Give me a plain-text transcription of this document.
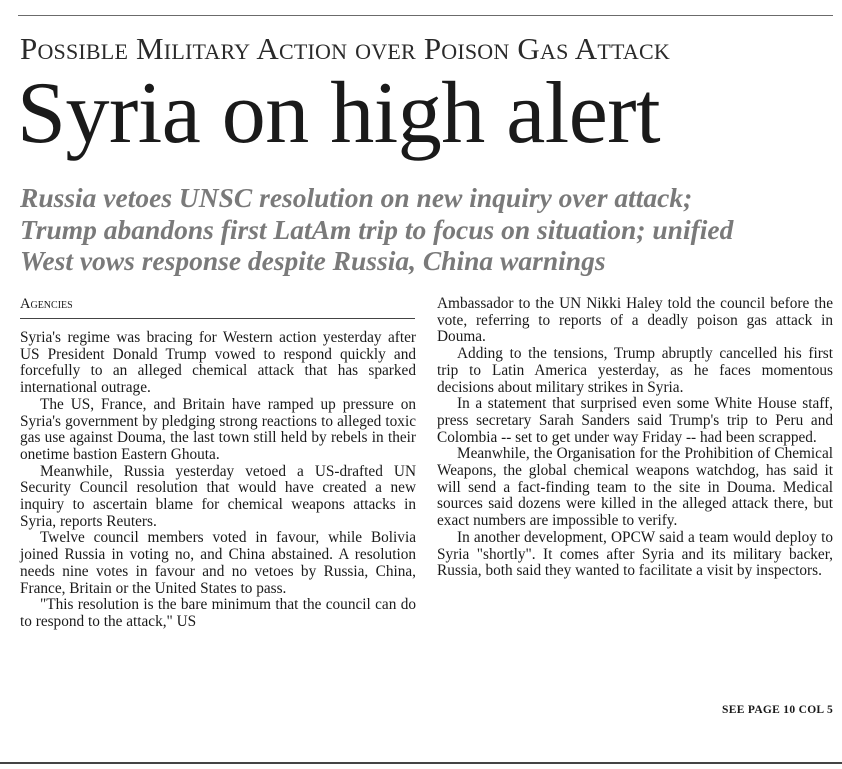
Possible Military Action over Poison Gas Attack
Syria on high alert
Russia vetoes UNSC resolution on new inquiry over attack;
Trump abandons first LatAm trip to focus on situation; unified
West vows response despite Russia, China warnings
Agencies

Syria's regime was bracing for Western action yesterday after US President Donald Trump vowed to respond quickly and forcefully to an alleged chemical attack that has sparked international outrage.

The US, France, and Britain have ramped up pressure on Syria's government by pledging strong reactions to alleged toxic gas use against Douma, the last town still held by rebels in their onetime bastion Eastern Ghouta.

Meanwhile, Russia yesterday vetoed a US-drafted UN Security Council resolution that would have created a new inquiry to ascertain blame for chemical weapons attacks in Syria, reports Reuters.

Twelve council members voted in favour, while Bolivia joined Russia in voting no, and China abstained. A resolution needs nine votes in favour and no vetoes by Russia, China, France, Britain or the United States to pass.

"This resolution is the bare minimum that the council can do to respond to the attack," US

Ambassador to the UN Nikki Haley told the council before the vote, referring to reports of a deadly poison gas attack in Douma.

Adding to the tensions, Trump abruptly cancelled his first trip to Latin America yesterday, as he faces momentous decisions about military strikes in Syria.

In a statement that surprised even some White House staff, press secretary Sarah Sanders said Trump's trip to Peru and Colombia -- set to get under way Friday -- had been scrapped.

Meanwhile, the Organisation for the Prohibition of Chemical Weapons, the global chemical weapons watchdog, has said it will send a fact-finding team to the site in Douma. Medical sources said dozens were killed in the alleged attack there, but exact numbers are impossible to verify.

In another development, OPCW said a team would deploy to Syria "shortly". It comes after Syria and its military backer, Russia, both said they wanted to facilitate a visit by inspectors.

SEE PAGE 10 COL 5
